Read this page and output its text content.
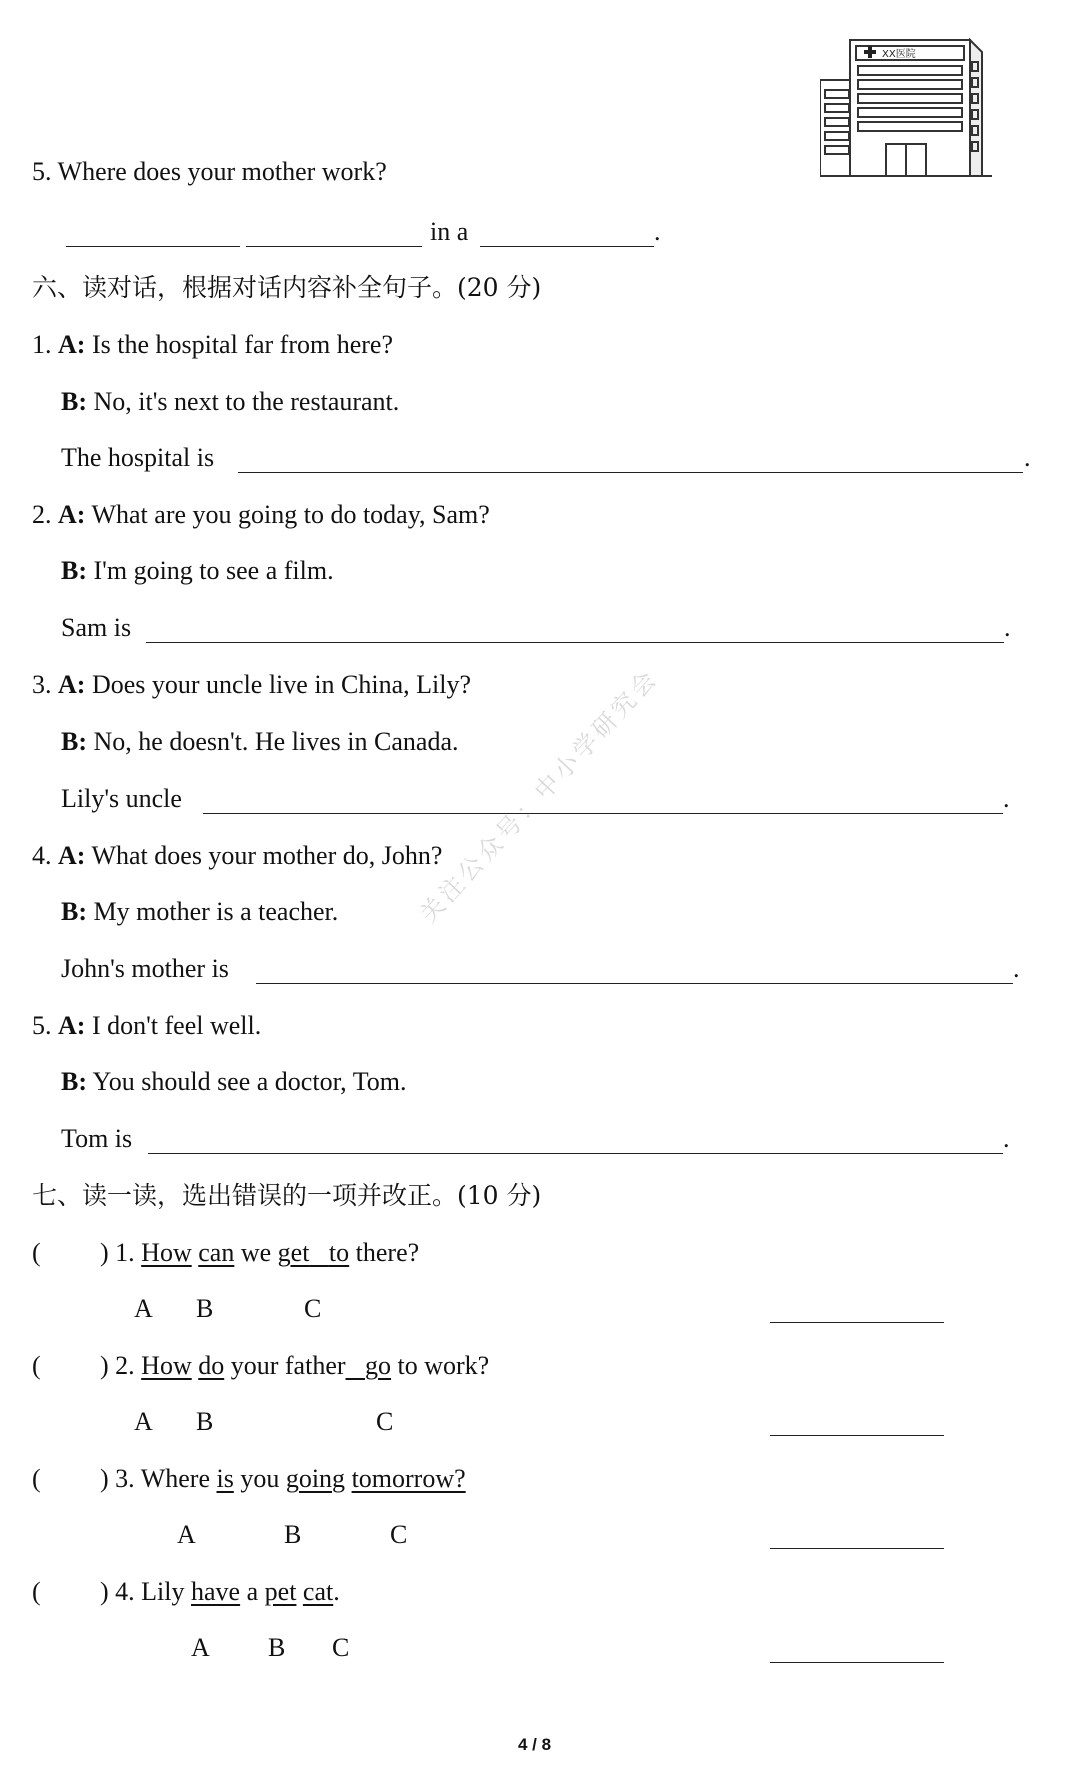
关注公众号：中小学研究会
XX医院
5. Where does your mother work?
in a	.
六、读对话，根据对话内容补全句子。(20 分)
1. A: Is the hospital far from here?
B: No, it's next to the restaurant.
The hospital is	.
2. A: What are you going to do today, Sam?
B: I'm going to see a film.
Sam is	.
3. A: Does your uncle live in China, Lily?
B: No, he doesn't. He lives in Canada.
Lily's uncle	.
4. A: What does your mother do, John?
B: My mother is a teacher.
John's mother is	.
5. A: I don't feel well.
B: You should see a doctor, Tom.
Tom is	.
七、读一读，选出错误的一项并改正。(10 分)
( ) 1. How can we get to there?
A B	C
( ) 2. How do your father go to work?
A B	C
( ) 3. Where is you going tomorrow?
A	B	C
( ) 4. Lily have a pet cat.
A B C
4 / 8
